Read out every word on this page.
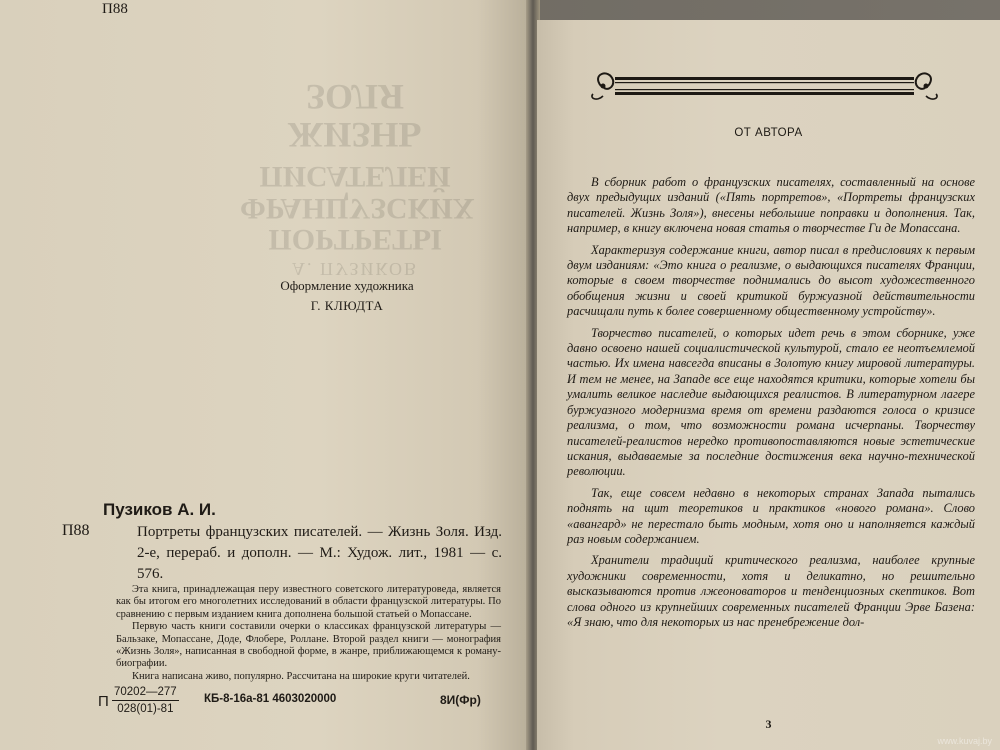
П88
А. ПУЗИКОВ
ПОРТРЕТЫ
ФРАНЦУЗСКИХ
ПИСАТЕЛЕЙ
ЖИЗНЬ ЗОЛЯ
Оформление художника
Г. КЛЮДТА
Пузиков А. И.
П88	Портреты французских писателей. — Жизнь Золя. Изд. 2-е, перераб. и дополн. — М.: Худож. лит., 1981 — с. 576.

Эта книга, принадлежащая перу известного советского литературоведа, является как бы итогом его многолетних исследований в области французской литературы. По сравнению с первым изданием книга дополнена большой статьей о Мопассане.

Первую часть книги составили очерки о классиках французской литературы — Бальзаке, Мопассане, Доде, Флобере, Роллане. Второй раздел книги — монография «Жизнь Золя», написанная в свободной форме, в жанре, приближающемся к роману-биографии.

Книга написана живо, популярно. Рассчитана на широкие круги читателей.

П $\frac{70202—277}{028(01)-81} КБ-8-16а-81$ 4603020000	8И(Фр)
ОТ АВТОРА

В сборник работ о французских писателях, составленный на основе двух предыдущих изданий («Пять портретов», «Портреты французских писателей. Жизнь Золя»), внесены небольшие поправки и дополнения. Так, например, в книгу включена новая статья о творчестве Ги де Мопассана.

Характеризуя содержание книги, автор писал в предисловиях к первым двум изданиям: «Это книга о реализме, о выдающихся писателях Франции, которые в своем творчестве поднимались до высот художественного обобщения жизни и своей критикой буржуазной действительности расчищали путь к более совершенному общественному устройству».

Творчество писателей, о которых идет речь в этом сборнике, уже давно освоено нашей социалистической культурой, стало ее неотъемлемой частью. Их имена навсегда вписаны в Золотую книгу мировой литературы. И тем не менее, на Западе все еще находятся критики, которые хотели бы умалить великое наследие выдающихся реалистов. В литературном лагере буржуазного модернизма время от времени раздаются голоса о кризисе реализма, о том, что возможности романа исчерпаны. Творчеству писателей-реалистов нередко противопоставляются новые эстетические искания, выдаваемые за последние достижения века научно-технической революции.

Так, еще совсем недавно в некоторых странах Запада пытались поднять на щит теоретиков и практиков «нового романа». Слово «авангард» не перестало быть модным, хотя оно и наполняется каждый раз новым содержанием.

Хранители традиций критического реализма, наиболее крупные художники современности, хотя и деликатно, но решительно высказываются против лжеоноваторов и тенденциозных скептиков. Вот слова одного из крупнейших современных писателей Франции Эрве Базена: «Я знаю, что для некоторых из нас пренебрежение дол-

3
www.kuvaj.by
